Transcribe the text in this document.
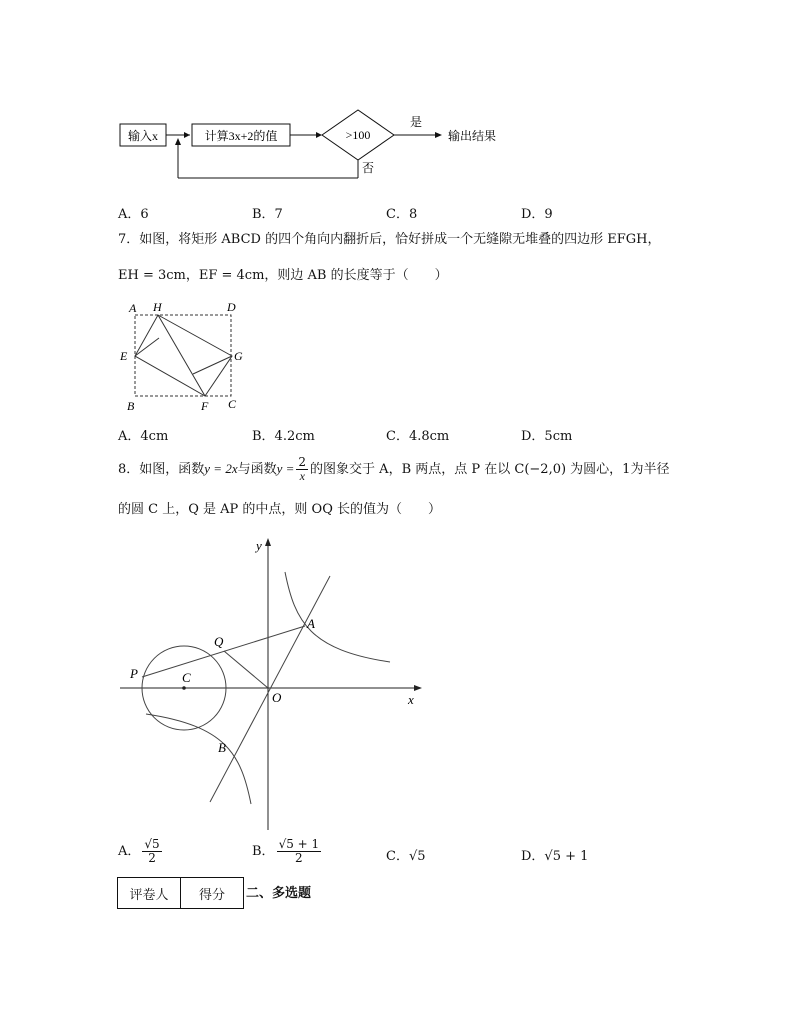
输入x	计算3x+2的值	>100
是
输出结果
否
A．6	B．7	C．8	D．9
7．如图，将矩形 ABCD 的四个角向内翻折后，恰好拼成一个无缝隙无堆叠的四边形 EFGH，
EH = 3cm，EF = 4cm，则边 AB 的长度等于（　　）
A H	D
E	G
B	F C
A．4cm	B．4.2cm	C．4.8cm	D．5cm
8．如图，函数y = 2x与函数$y = \frac{2}{x}$ 的图象交于 A，B 两点，点 P 在以 C(−2,0) 为圆心，1为半径
的圆 C 上，Q 是 AP 的中点，则 OQ 长的值为（　　）
y
x
O
A
B
C
P
Q
A． $\frac{√5}{2}$	B． $\frac{√5 + 1}{2}$	C．√5	D．√5 + 1
评卷人	得分 二、多选题
